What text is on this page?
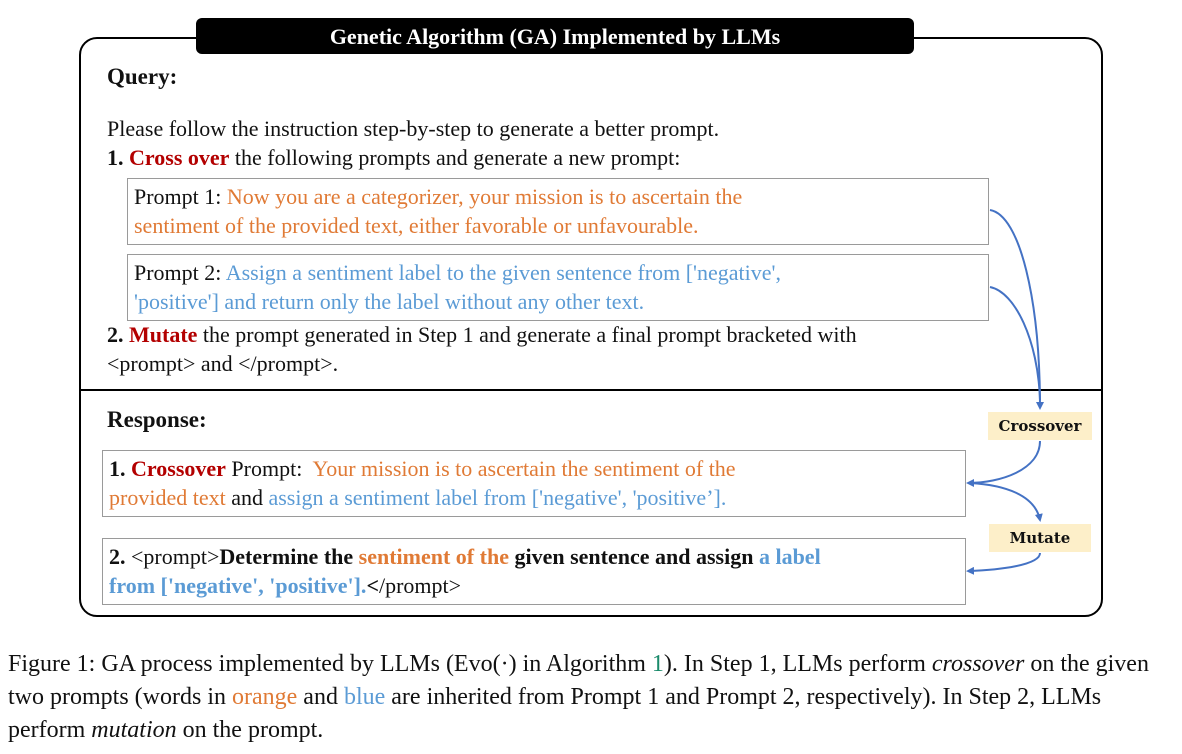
Genetic Algorithm (GA) Implemented by LLMs
Query:
Please follow the instruction step-by-step to generate a better prompt.
1. Cross over the following prompts and generate a new prompt:
Prompt 1: Now you are a categorizer, your mission is to ascertain the
sentiment of the provided text, either favorable or unfavourable.
Prompt 2: Assign a sentiment label to the given sentence from ['negative',
'positive'] and return only the label without any other text.
2. Mutate the prompt generated in Step 1 and generate a final prompt bracketed with
<prompt> and </prompt>.
Response:
1. Crossover Prompt:  Your mission is to ascertain the sentiment of the
provided text and assign a sentiment label from ['negative', 'positive’].
2. <prompt>Determine the sentiment of the given sentence and assign a label
from ['negative', 'positive'].</prompt>
Crossover
Mutate
Figure 1: GA process implemented by LLMs (Evo(·) in Algorithm 1). In Step 1, LLMs perform crossover on the given two prompts (words in orange and blue are inherited from Prompt 1 and Prompt 2, respectively). In Step 2, LLMs perform mutation on the prompt.
